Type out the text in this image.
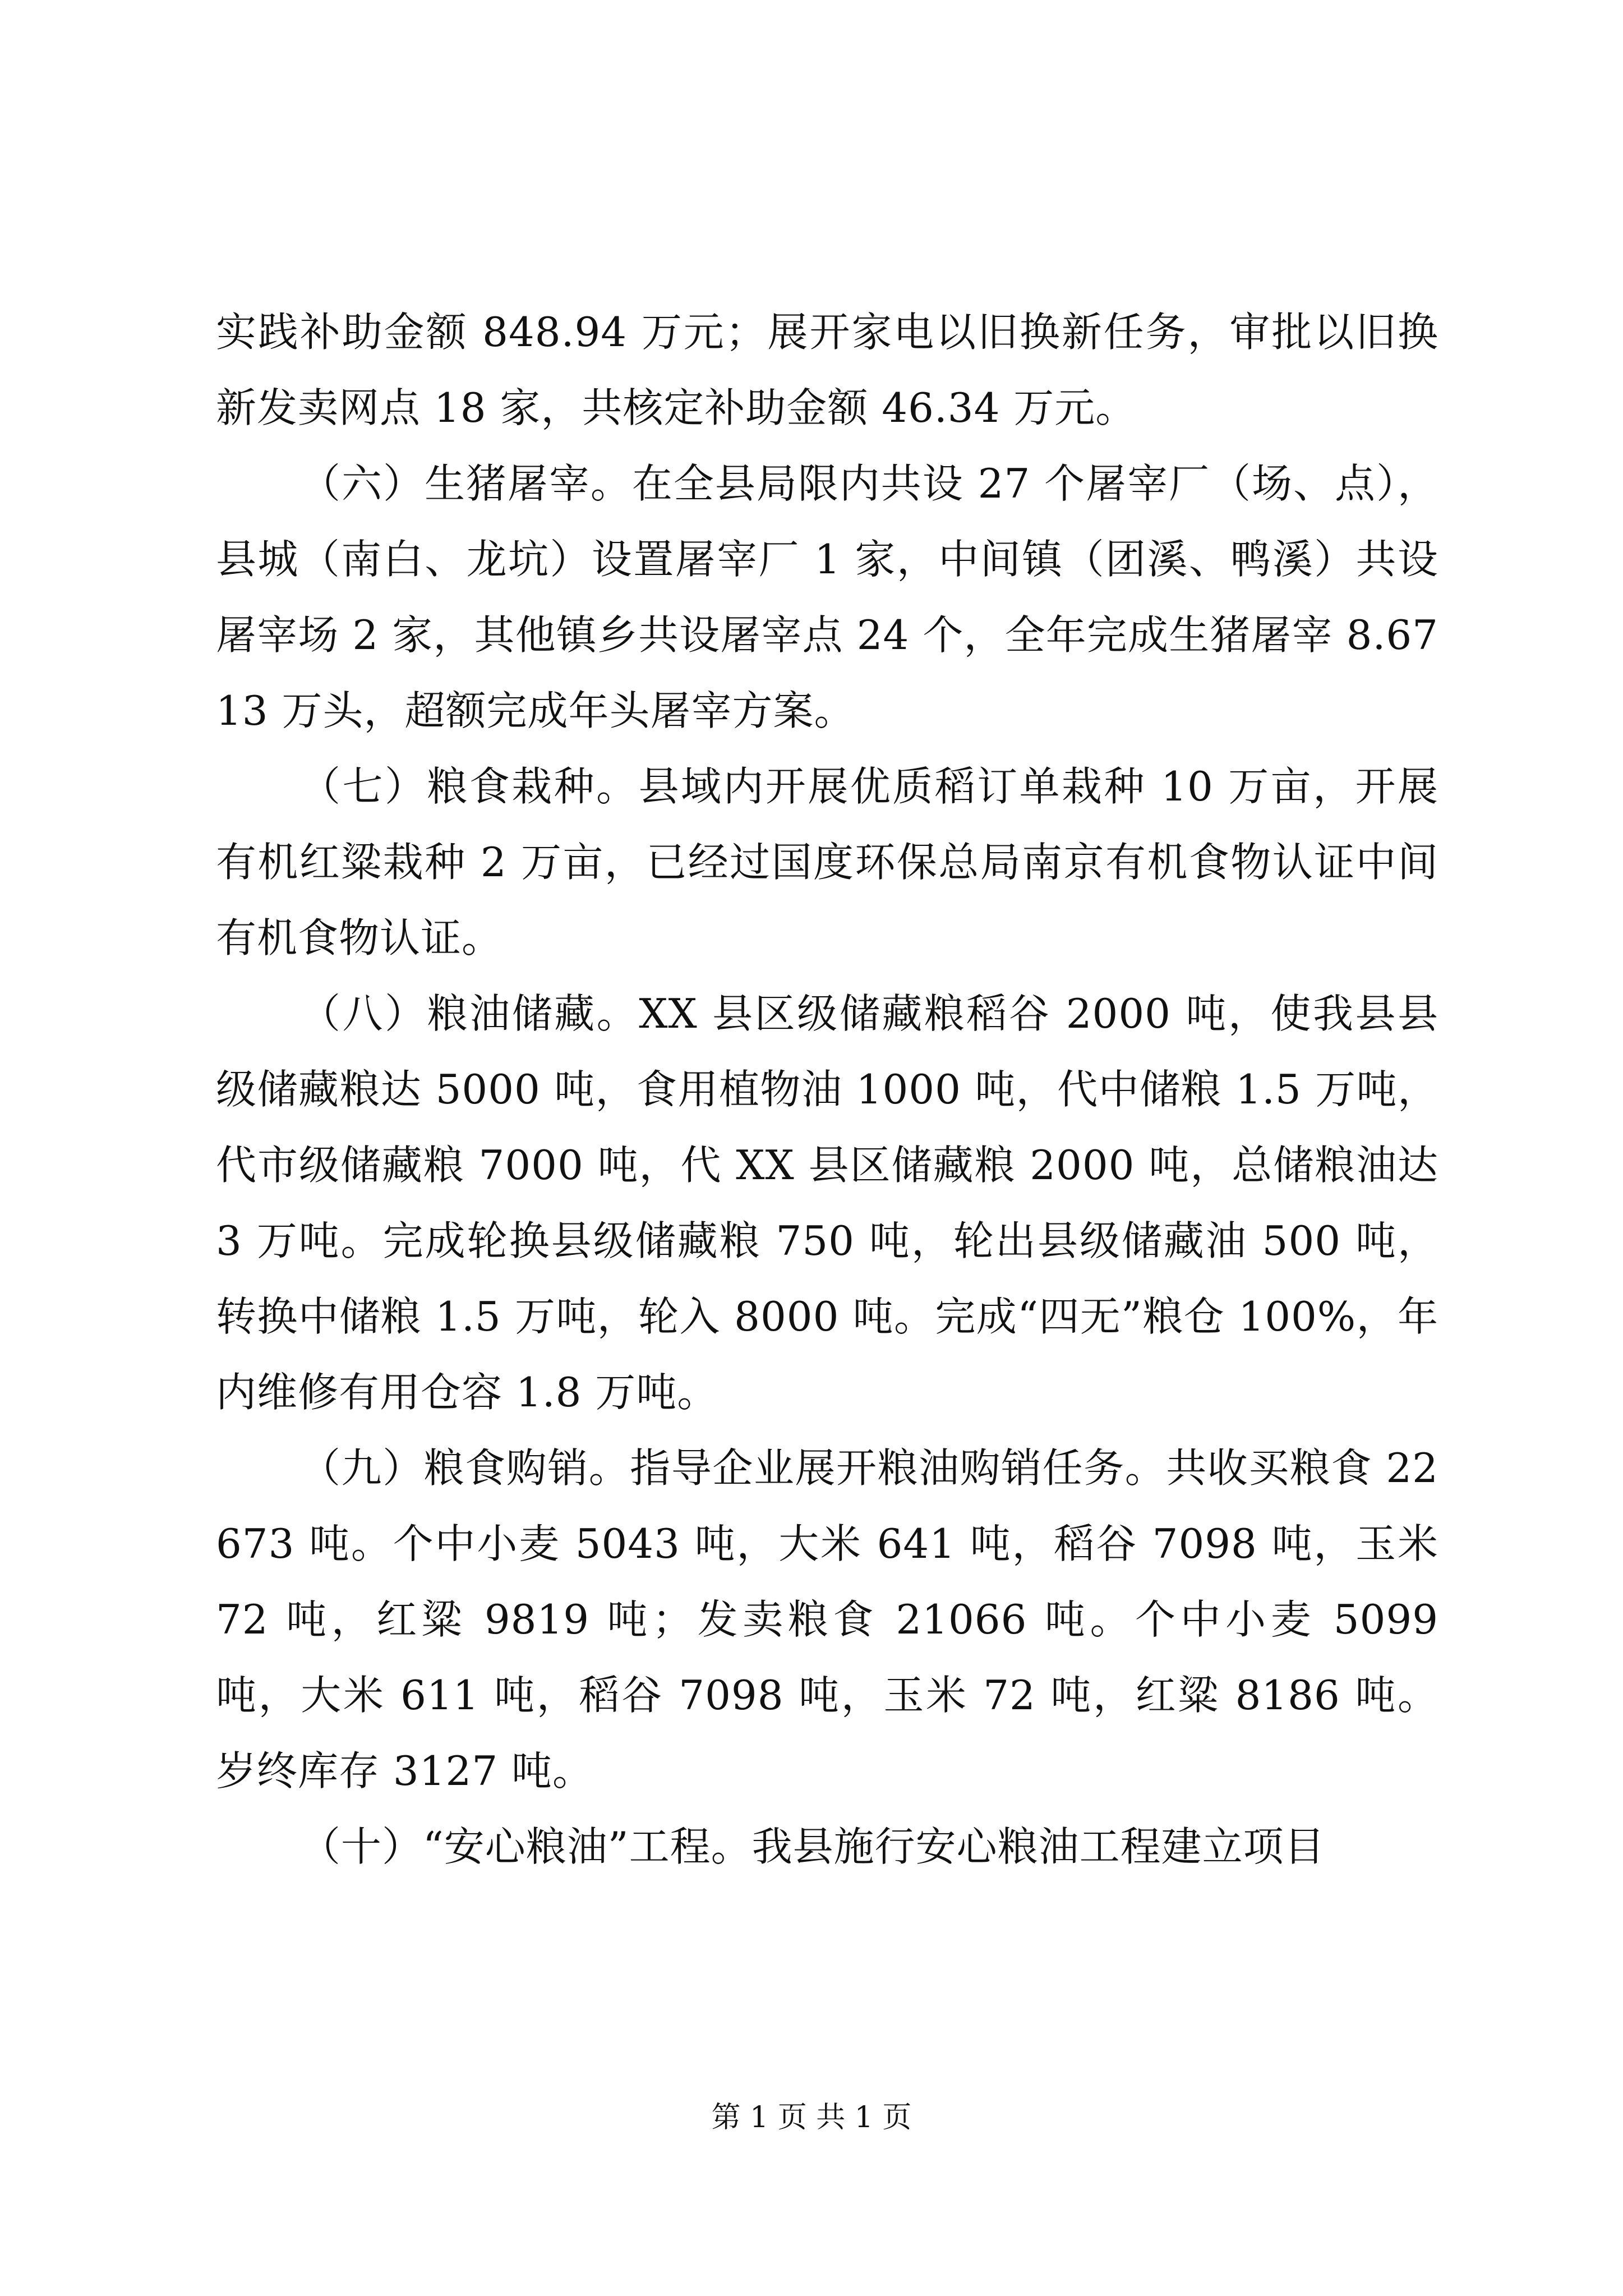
实践补助金额 848.94 万元；展开家电以旧换新任务，审批以旧换新发卖网点 18 家，共核定补助金额 46.34 万元。

（六）生猪屠宰。在全县局限内共设 27 个屠宰厂（场、点），县城（南白、龙坑）设置屠宰厂 1 家，中间镇（团溪、鸭溪）共设屠宰场 2 家，其他镇乡共设屠宰点 24 个，全年完成生猪屠宰 8.6713 万头，超额完成年头屠宰方案。

（七）粮食栽种。县域内开展优质稻订单栽种 10 万亩，开展有机红粱栽种 2 万亩，已经过国度环保总局南京有机食物认证中间有机食物认证。

（八）粮油储藏。XX 县区级储藏粮稻谷 2000 吨，使我县县级储藏粮达 5000 吨，食用植物油 1000 吨，代中储粮 1.5 万吨，代市级储藏粮 7000 吨，代 XX 县区储藏粮 2000 吨，总储粮油达 3 万吨。完成轮换县级储藏粮 750 吨，轮出县级储藏油 500 吨，转换中储粮 1.5 万吨，轮入 8000 吨。完成“四无”粮仓 100%，年内维修有用仓容 1.8 万吨。

（九）粮食购销。指导企业展开粮油购销任务。共收买粮食 22673 吨。个中小麦 5043 吨，大米 641 吨，稻谷 7098 吨，玉米 72 吨，红粱 9819 吨；发卖粮食 21066 吨。个中小麦 5099 吨，大米 611 吨，稻谷 7098 吨，玉米 72 吨，红粱 8186 吨。岁终库存 3127 吨。

（十）“安心粮油”工程。我县施行安心粮油工程建立项目

第 1 页 共 1 页
